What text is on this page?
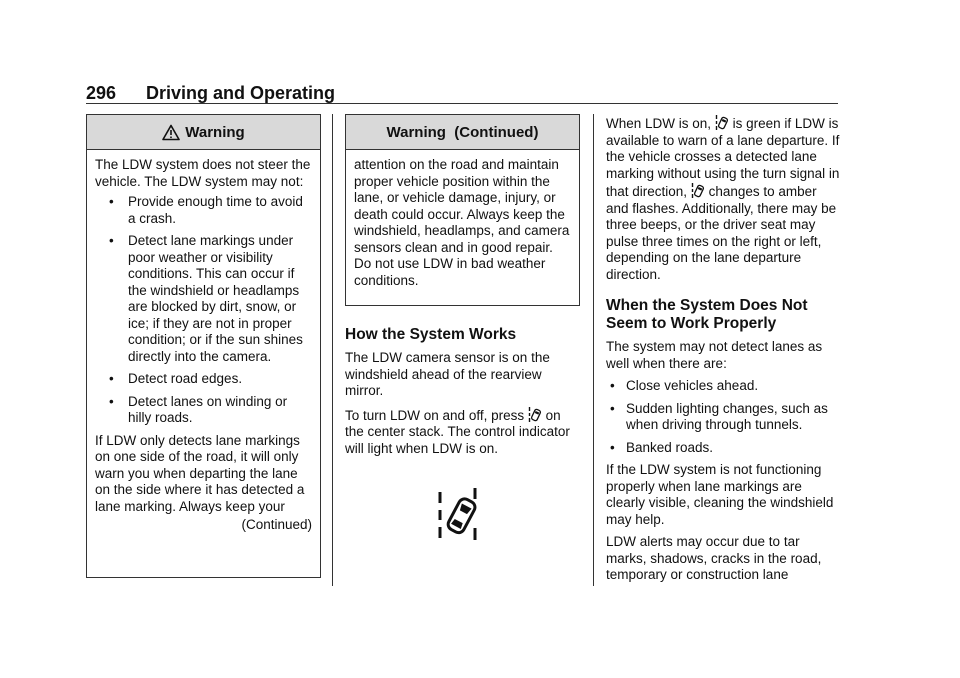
296 Driving and Operating
Warning

The LDW system does not steer the vehicle. The LDW system may not:

• Provide enough time to avoid a crash.
• Detect lane markings under poor weather or visibility conditions. This can occur if the windshield or headlamps are blocked by dirt, snow, or ice; if they are not in proper condition; or if the sun shines directly into the camera.
• Detect road edges.
• Detect lanes on winding or hilly roads.

If LDW only detects lane markings on one side of the road, it will only warn you when departing the lane on the side where it has detected a lane marking. Always keep your

(Continued)
Warning  (Continued)

attention on the road and maintain proper vehicle position within the lane, or vehicle damage, injury, or death could occur. Always keep the windshield, headlamps, and camera sensors clean and in good repair. Do not use LDW in bad weather conditions.

How the System Works

The LDW camera sensor is on the windshield ahead of the rearview mirror.

To turn LDW on and off, press on the center stack. The control indicator will light when LDW is on.

When LDW is on, is green if LDW is available to warn of a lane departure. If the vehicle crosses a detected lane marking without using the turn signal in that direction, changes to amber and flashes. Additionally, there may be three beeps, or the driver seat may pulse three times on the right or left, depending on the lane departure direction.

When the System Does Not Seem to Work Properly

The system may not detect lanes as well when there are:

• Close vehicles ahead.
• Sudden lighting changes, such as when driving through tunnels.
• Banked roads.

If the LDW system is not functioning properly when lane markings are clearly visible, cleaning the windshield may help.

LDW alerts may occur due to tar marks, shadows, cracks in the road, temporary or construction lane
